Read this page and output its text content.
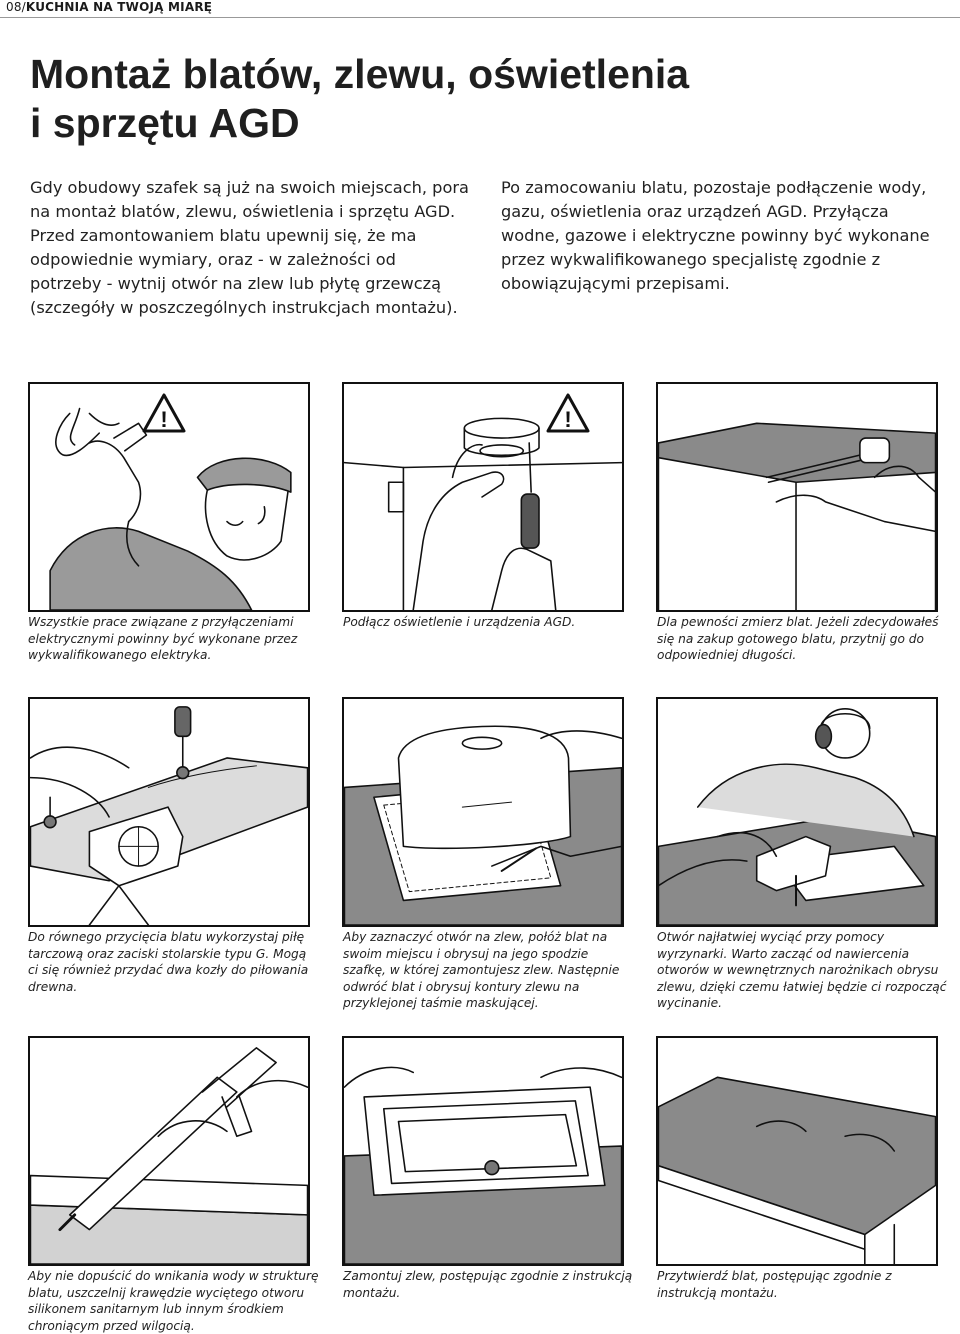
08/KUCHNIA NA TWOJĄ MIARĘ
Montaż blatów, zlewu, oświetlenia
i sprzętu AGD
Gdy obudowy szafek są już na swoich miejscach, pora na montaż blatów, zlewu, oświetlenia i sprzętu AGD. Przed zamontowaniem blatu upewnij się, że ma odpowiednie wymiary, oraz - w zależności od potrzeby - wytnij otwór na zlew lub płytę grzewczą (szczegóły w poszczególnych instrukcjach montażu).
Po zamocowaniu blatu, pozostaje podłączenie wody, gazu, oświetlenia oraz urządzeń AGD. Przyłącza wodne, gazowe i elektryczne powinny być wykonane przez wykwalifikowanego specjalistę zgodnie z obowiązującymi przepisami.
!
Wszystkie prace związane z przyłączeniami elektrycznymi powinny być wykonane przez wykwalifikowanego elektryka.
!
Podłącz oświetlenie i urządzenia AGD.	Dla pewności zmierz blat. Jeżeli zdecydowałeś się na zakup gotowego blatu, przytnij go do odpowiedniej długości.
Do równego przycięcia blatu wykorzystaj piłę tarczową oraz zaciski stolarskie typu G. Mogą ci się również przydać dwa kozły do piłowania drewna.
Aby zaznaczyć otwór na zlew, połóż blat na swoim miejscu i obrysuj na jego spodzie szafkę, w której zamontujesz zlew. Następnie odwróć blat i obrysuj kontury zlewu na przyklejonej taśmie maskującej.
Otwór najłatwiej wyciąć przy pomocy wyrzynarki. Warto zacząć od nawiercenia otworów w wewnętrznych narożnikach obrysu zlewu, dzięki czemu łatwiej będzie ci rozpocząć wycinanie.
Aby nie dopuścić do wnikania wody w strukturę blatu, uszczelnij krawędzie wyciętego otworu silikonem sanitarnym lub innym środkiem chroniącym przed wilgocią.
Zamontuj zlew, postępując zgodnie z instrukcją montażu.
Przytwierdź blat, postępując zgodnie z instrukcją montażu.
